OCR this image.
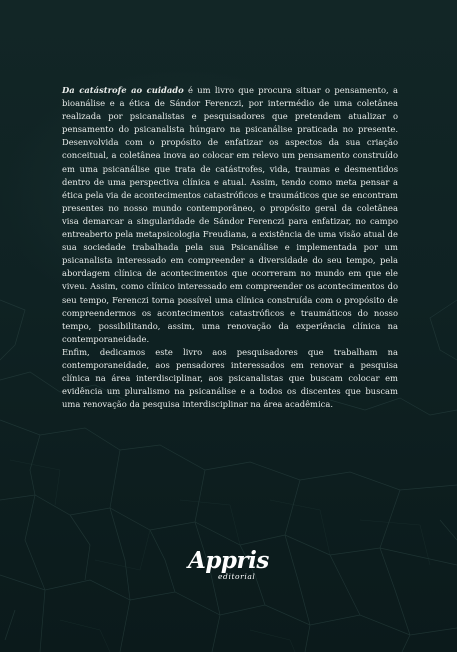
Da catástrofe ao cuidado é um livro que procura situar o pensamento, a bioanálise e a ética de Sándor Ferenczi, por intermédio de uma coletânea realizada por psicanalistas e pesquisadores que pretendem atualizar o pensamento do psicanalista húngaro na psicanálise praticada no presente. Desenvolvida com o propósito de enfatizar os aspectos da sua criação conceitual, a coletânea inova ao colocar em relevo um pensamento construído em uma psicanálise que trata de catástrofes, vida, traumas e desmentidos dentro de uma perspectiva clínica e atual. Assim, tendo como meta pensar a ética pela via de acontecimentos catastróficos e traumáticos que se encontram presentes no nosso mundo contemporâneo, o propósito geral da coletânea visa demarcar a singularidade de Sándor Ferenczi para enfatizar, no campo entreaberto pela metapsicologia Freudiana, a existência de uma visão atual de sua sociedade trabalhada pela sua Psicanálise e implementada por um psicanalista interessado em compreender a diversidade do seu tempo, pela abordagem clínica de acontecimentos que ocorreram no mundo em que ele viveu. Assim, como clínico interessado em compreender os acontecimentos do seu tempo, Ferenczi torna possível uma clínica construída com o propósito de compreendermos os acontecimentos catastróficos e traumáticos do nosso tempo, possibilitando, assim, uma renovação da experiência clínica na contemporaneidade.

Enfim, dedicamos este livro aos pesquisadores que trabalham na contemporaneidade, aos pensadores interessados em renovar a pesquisa clínica na área interdisciplinar, aos psicanalistas que buscam colocar em evidência um pluralismo na psicanálise e a todos os discentes que buscam uma renovação da pesquisa interdisciplinar na área acadêmica.

Appris
editorial
